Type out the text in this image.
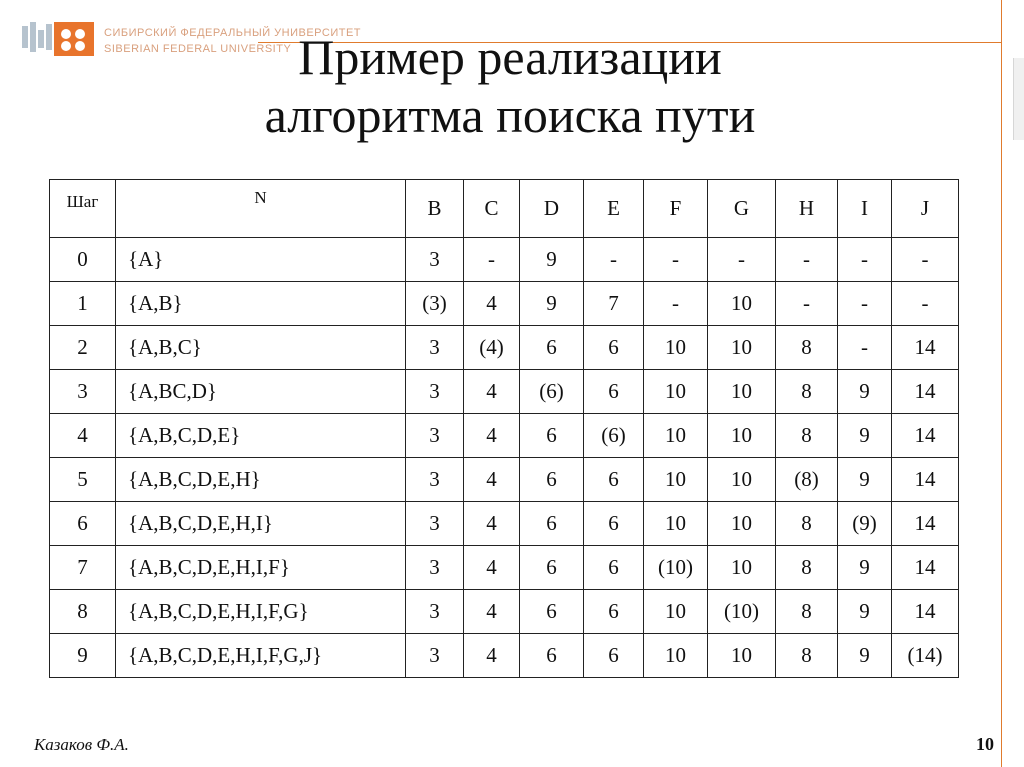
СИБИРСКИЙ ФЕДЕРАЛЬНЫЙ УНИВЕРСИТЕТ
SIBERIAN FEDERAL UNIVERSITY Пример реализации
алгоритма поиска пути
Шаг	N	B	C	D	E	F	G	H	I	J
0	{A}	3	-	9	-	-	-	-	-	-
1	{A,B}	(3)	4	9	7	-	10	-	-	-
2	{A,B,C}	3	(4)	6	6	10	10	8	-	14
3	{A,BC,D}	3	4	(6)	6	10	10	8	9	14
4	{A,B,C,D,E}	3	4	6	(6)	10	10	8	9	14
5	{A,B,C,D,E,H}	3	4	6	6	10	10	(8)	9	14
6	{A,B,C,D,E,H,I}	3	4	6	6	10	10	8	(9)	14
7	{A,B,C,D,E,H,I,F}	3	4	6	6	(10)	10	8	9	14
8	{A,B,C,D,E,H,I,F,G}	3	4	6	6	10	(10)	8	9	14
9	{A,B,C,D,E,H,I,F,G,J}	3	4	6	6	10	10	8	9	(14)
Казаков Ф.А.	10
